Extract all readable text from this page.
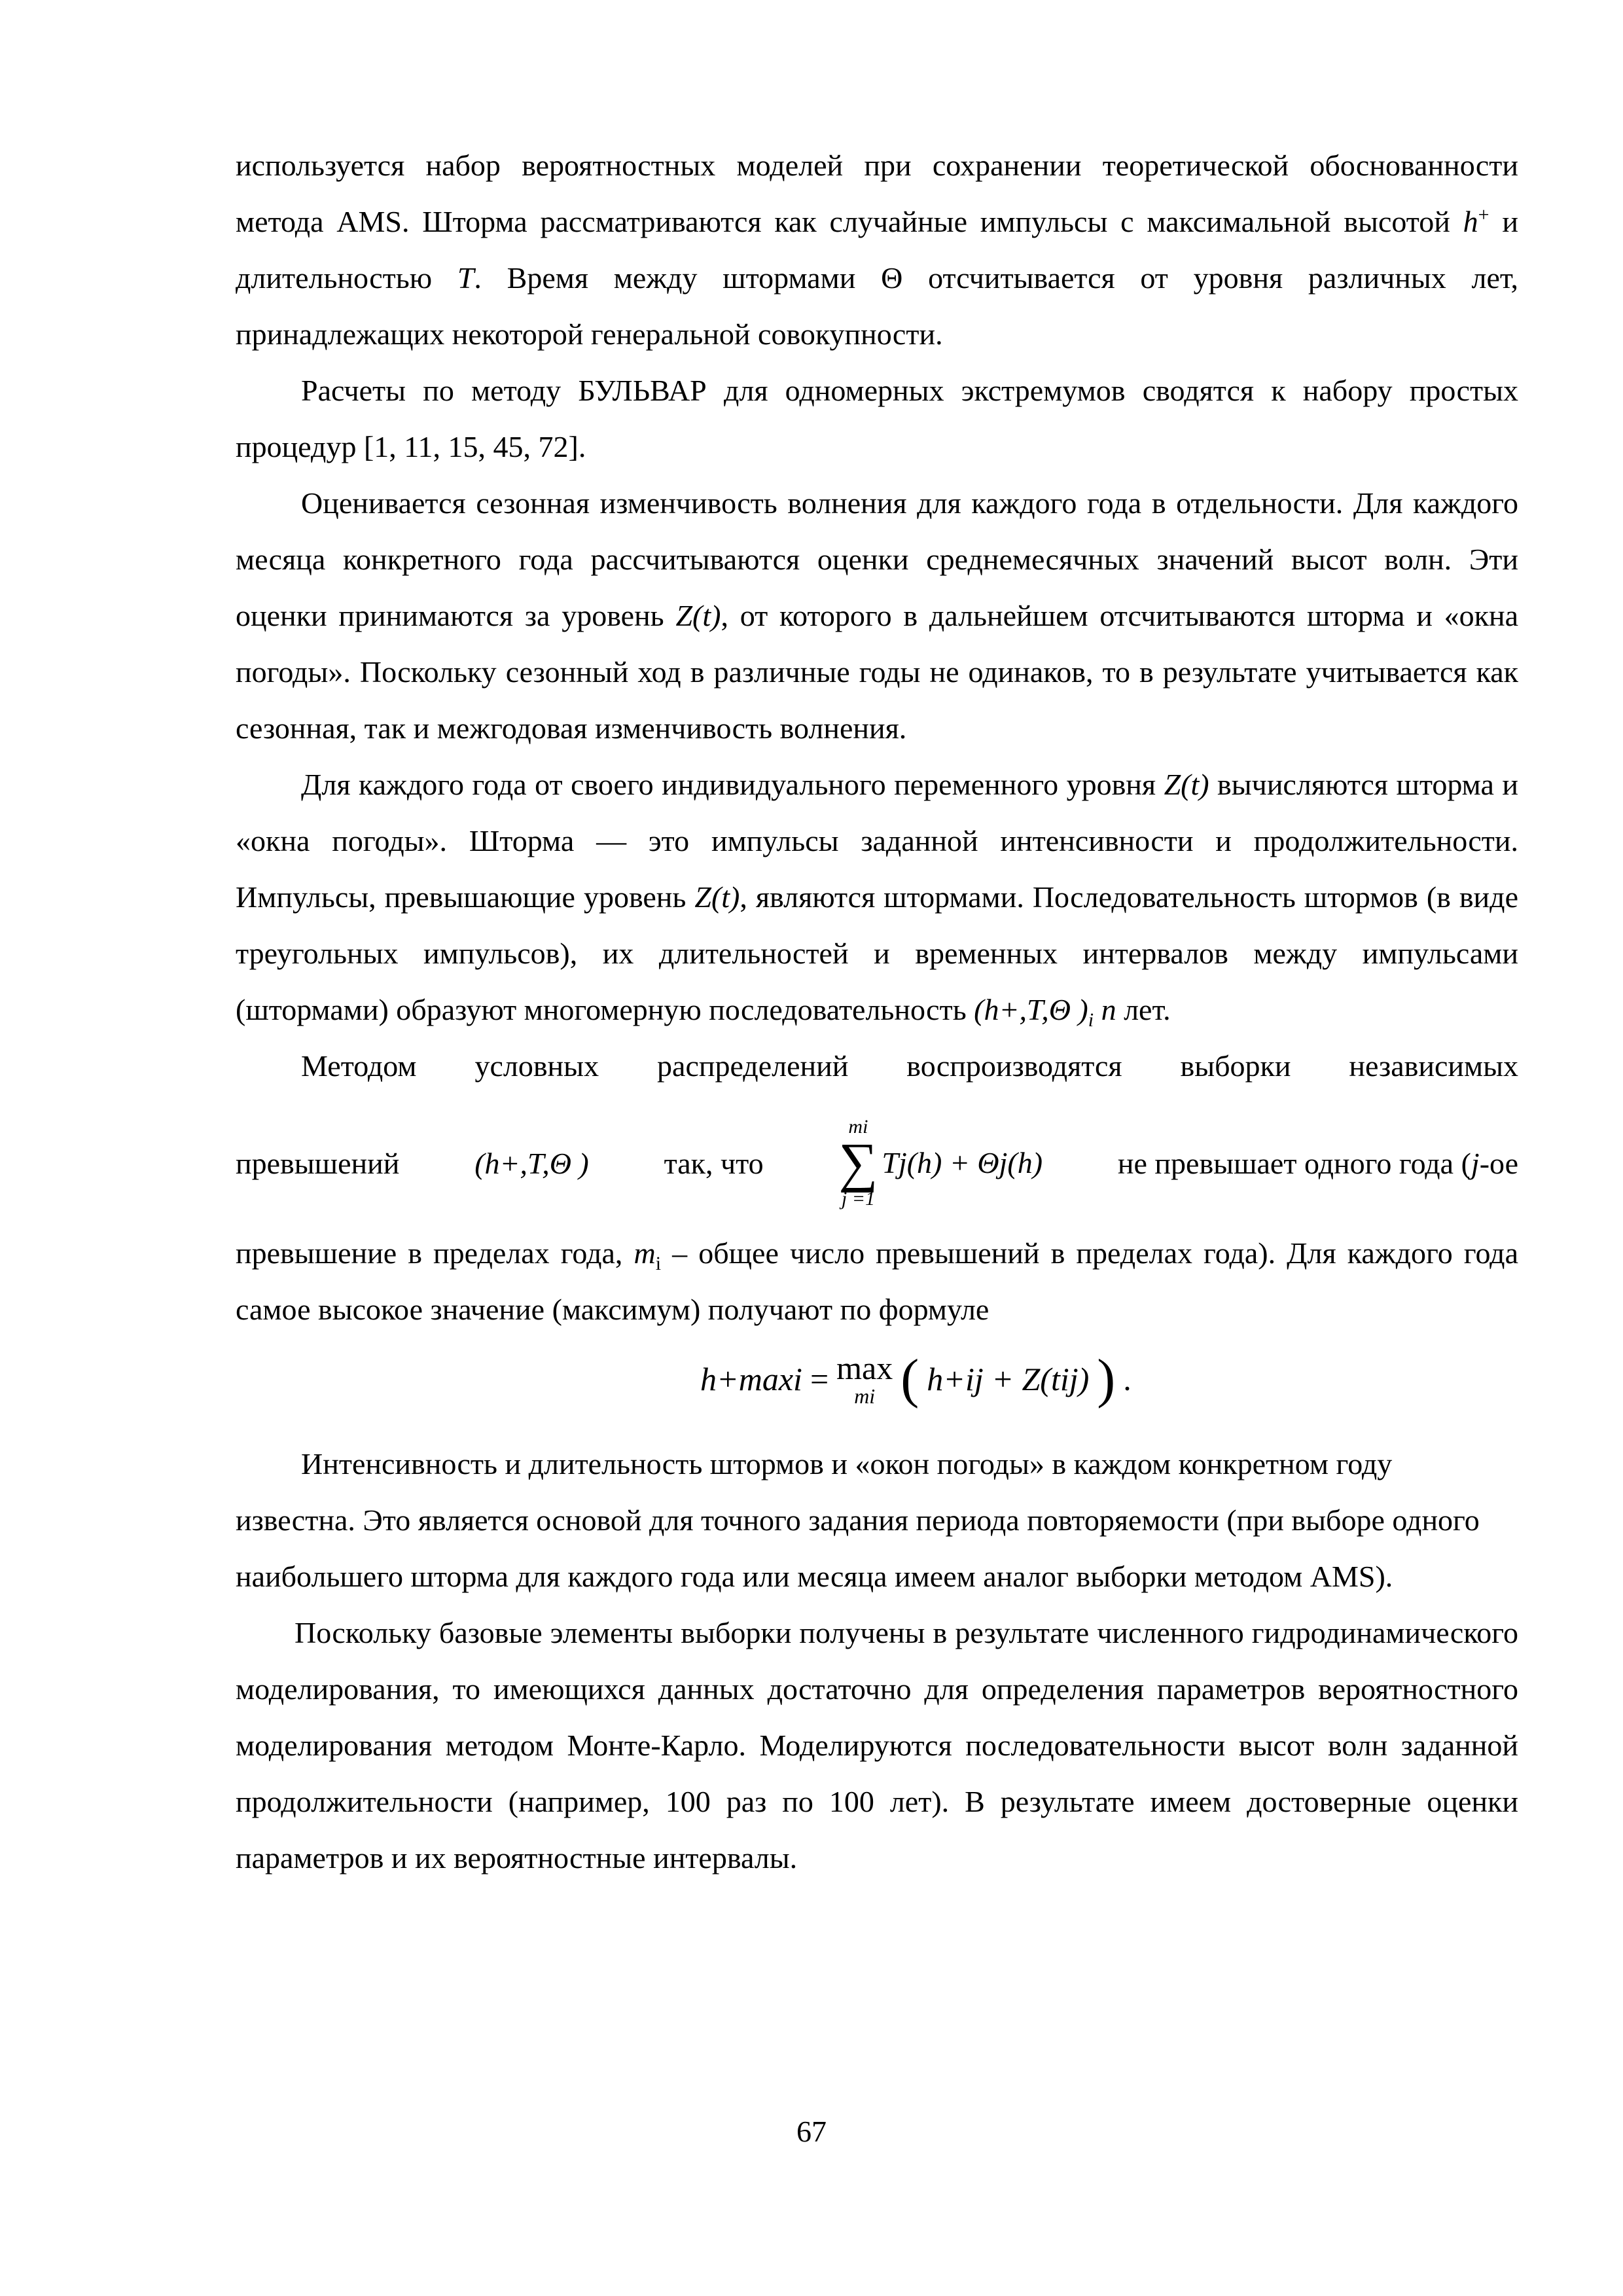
используется набор вероятностных моделей при сохранении теоретической обоснованности метода AMS. Шторма рассматриваются как случайные импульсы с максимальной высотой h+ и длительностью T. Время между штормами Θ отсчитывается от уровня различных лет, принадлежащих некоторой генеральной совокупности.

Расчеты по методу БУЛЬВАР для одномерных экстремумов сводятся к набору простых процедур [1, 11, 15, 45, 72].

Оценивается сезонная изменчивость волнения для каждого года в отдельности. Для каждого месяца конкретного года рассчитываются оценки среднемесячных значений высот волн. Эти оценки принимаются за уровень Z(t), от которого в дальнейшем отсчитываются шторма и «окна погоды». Поскольку сезонный ход в различные годы не одинаков, то в результате учитывается как сезонная, так и межгодовая изменчивость волнения.

Для каждого года от своего индивидуального переменного уровня Z(t) вычисляются шторма и «окна погоды». Шторма — это импульсы заданной интенсивности и продолжительности. Импульсы, превышающие уровень Z(t), являются штормами. Последовательность штормов (в виде треугольных импульсов), их длительностей и временных интервалов между импульсами (штормами) образуют многомерную последовательность (h+,T,Θ )$_i$ n лет.

Методом условных распределений воспроизводятся выборки независимых

превышений (h+,T,Θ ) так, что
mi
∑
j =1
Tj(h) + Θj(h) не превышает одного года (j-ое

превышение в пределах года, $m_i$ – общее число превышений в пределах года). Для каждого года самое высокое значение (максимум) получают по формуле

h+maxi = max
mi ( h+ij + Z(tij) ) .

Интенсивность и длительность штормов и «окон погоды» в каждом конкретном году известна. Это является основой для точного задания периода повторяемости (при выборе одного наибольшего шторма для каждого года или месяца имеем аналог выборки методом AMS).

Поскольку базовые элементы выборки получены в результате численного гидродинамического моделирования, то имеющихся данных достаточно для определения параметров вероятностного моделирования методом Монте-Карло. Моделируются последовательности высот волн заданной продолжительности (например, 100 раз по 100 лет). В результате имеем достоверные оценки параметров и их вероятностные интервалы.

67
